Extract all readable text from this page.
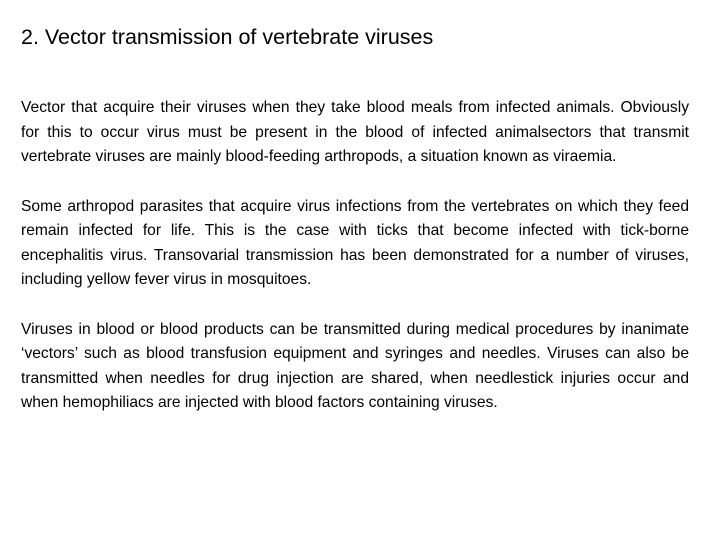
2. Vector transmission of vertebrate viruses

Vector that acquire their viruses when they take blood meals from infected animals. Obviously for this to occur virus must be present in the blood of infected animalsectors that transmit vertebrate viruses are mainly blood-feeding arthropods, a situation known as viraemia.

Some arthropod parasites that acquire virus infections from the vertebrates on which they feed remain infected for life. This is the case with ticks that become infected with tick-borne encephalitis virus. Transovarial transmission has been demonstrated for a number of viruses, including yellow fever virus in mosquitoes.

Viruses in blood or blood products can be transmitted during medical procedures by inanimate ‘vectors’ such as blood transfusion equipment and syringes and needles. Viruses can also be transmitted when needles for drug injection are shared, when needlestick injuries occur and when hemophiliacs are injected with blood factors containing viruses.
